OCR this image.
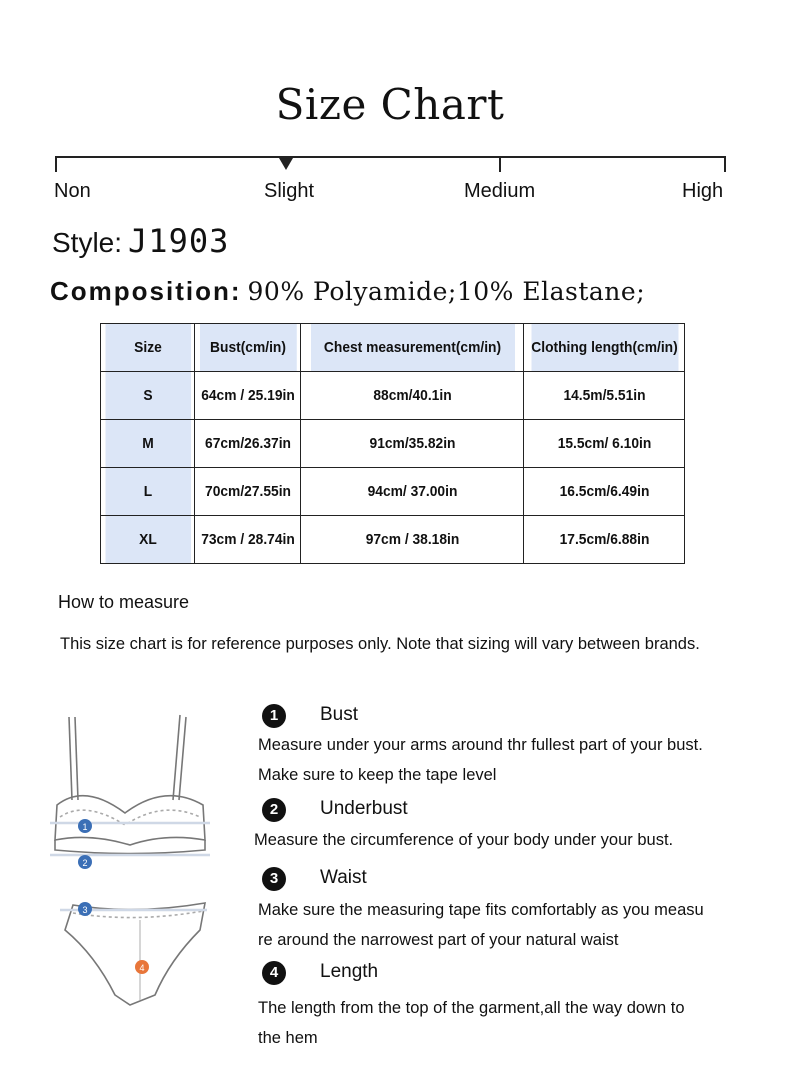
Size Chart
Non	Slight	Medium	High
Style: J1903
Composition: 90% Polyamide;10% Elastane;
Size	Bust(cm/in)	Chest measurement(cm/in)	Clothing length(cm/in)
S	64cm / 25.19in	88cm/40.1in	14.5m/5.51in
M	67cm/26.37in	91cm/35.82in	15.5cm/ 6.10in
L	70cm/27.55in	94cm/ 37.00in	16.5cm/6.49in
XL	73cm / 28.74in	97cm / 38.18in	17.5cm/6.88in
How to measure
This size chart is for reference purposes only. Note that sizing will vary between brands.
1
2
3
4
1	Bust
Measure under your arms around thr fullest part of your bust.
Make sure to keep the tape level
2	Underbust
Measure the circumference of your body under your bust.
3	Waist
Make sure the measuring tape fits comfortably as you measu
re around the narrowest part of your natural waist
4	Length
The length from the top of the garment,all the way down to
the hem
